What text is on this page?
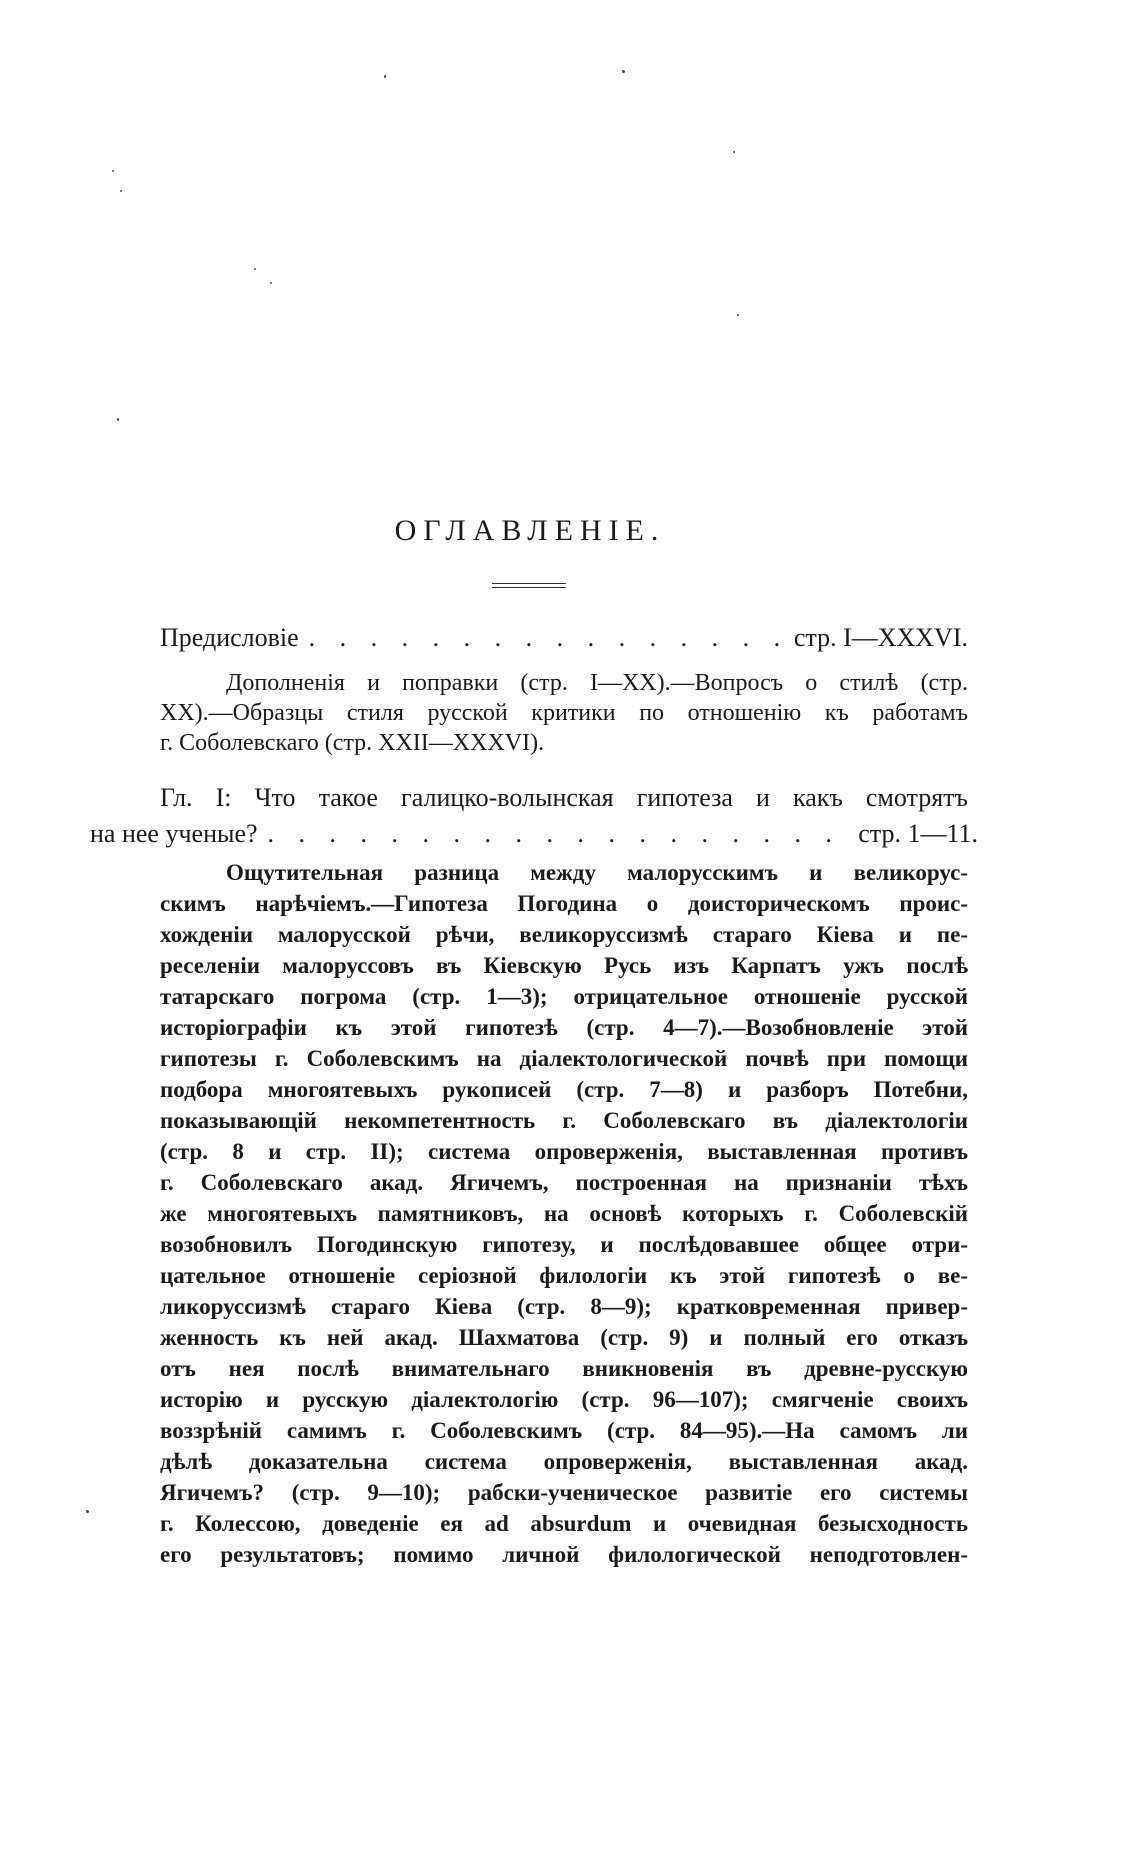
ОГЛАВЛЕНІЕ.
Предисловіе . . .	стр. I—XXXVI.
Дополненія и поправки (стр. I—XX).—Вопросъ о стилѣ (стр.
XX).—Образцы стиля русской критики по отношенію къ работамъ
г. Соболевскаго (стр. XXII—XXXVI).
Гл. I: Что такое галицко-волынская гипотеза и какъ смотрятъ
на нее ученые? . . .	стр. 1—11.
Ощутительная разница между малорусскимъ и великорус-
скимъ нарѣчіемъ.—Гипотеза Погодина о доисторическомъ проис-
хожденіи малорусской рѣчи, великоруссизмѣ стараго Кіева и пе-
реселеніи малоруссовъ въ Кіевскую Русь изъ Карпатъ ужъ послѣ
татарскаго погрома (стр. 1—3); отрицательное отношеніе русской
исторіографіи къ этой гипотезѣ (стр. 4—7).—Возобновленіе этой
гипотезы г. Соболевскимъ на діалектологической почвѣ при помощи
подбора многоятевыхъ рукописей (стр. 7—8) и разборъ Потебни,
показывающій некомпетентность г. Соболевскаго въ діалектологіи
(стр. 8 и стр. II); система опроверженія, выставленная противъ
г. Соболевскаго акад. Ягичемъ, построенная на признаніи тѣхъ
же многоятевыхъ памятниковъ, на основѣ которыхъ г. Соболевскій
возобновилъ Погодинскую гипотезу, и послѣдовавшее общее отри-
цательное отношеніе серіозной филологіи къ этой гипотезѣ о ве-
ликоруссизмѣ стараго Кіева (стр. 8—9); кратковременная привер-
женность къ ней акад. Шахматова (стр. 9) и полный его отказъ
отъ нея послѣ внимательнаго вникновенія въ древне-русскую
исторію и русскую діалектологію (стр. 96—107); смягченіе своихъ
воззрѣній самимъ г. Соболевскимъ (стр. 84—95).—На самомъ ли
дѣлѣ доказательна система опроверженія, выставленная акад.
Ягичемъ? (стр. 9—10); рабски-ученическое развитіе его системы
г. Колессою, доведеніе ея ad absurdum и очевидная безысходность
его результатовъ; помимо личной филологической неподготовлен-
